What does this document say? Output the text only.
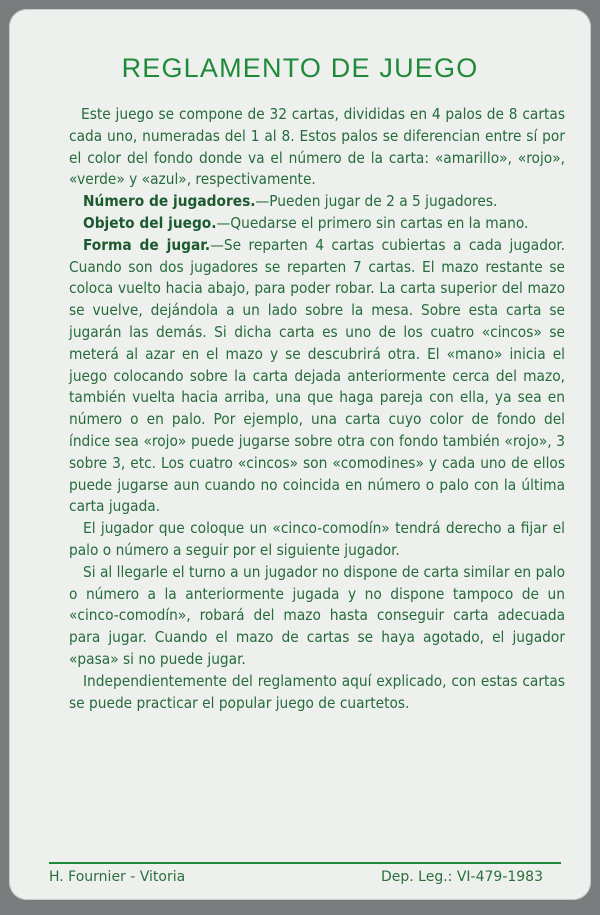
REGLAMENTO DE JUEGO

Este juego se compone de 32 cartas, divididas en 4 palos de 8 cartas cada uno, numeradas del 1 al 8. Estos palos se diferencian entre sí por el color del fondo donde va el número de la carta: «amarillo», «rojo», «verde» y «azul», respectivamente.

Número de jugadores.—Pueden jugar de 2 a 5 jugadores.

Objeto del juego.—Quedarse el primero sin cartas en la mano.

Forma de jugar.—Se reparten 4 cartas cubiertas a cada jugador. Cuando son dos jugadores se reparten 7 cartas. El mazo restante se coloca vuelto hacia abajo, para poder robar. La carta superior del mazo se vuelve, dejándola a un lado sobre la mesa. Sobre esta carta se jugarán las demás. Si dicha carta es uno de los cuatro «cincos» se meterá al azar en el mazo y se descubrirá otra. El «mano» inicia el juego colocando sobre la carta dejada anteriormente cerca del mazo, también vuelta hacia arriba, una que haga pareja con ella, ya sea en número o en palo. Por ejemplo, una carta cuyo color de fondo del índice sea «rojo» puede jugarse sobre otra con fondo también «rojo», 3 sobre 3, etc. Los cuatro «cincos» son «comodines» y cada uno de ellos puede jugarse aun cuando no coincida en número o palo con la última carta jugada.

El jugador que coloque un «cinco-comodín» tendrá derecho a fijar el palo o número a seguir por el siguiente jugador.

Si al llegarle el turno a un jugador no dispone de carta similar en palo o número a la anteriormente jugada y no dispone tampoco de un «cinco-comodín», robará del mazo hasta conseguir carta adecuada para jugar. Cuando el mazo de cartas se haya agotado, el jugador «pasa» si no puede jugar.

Independientemente del reglamento aquí explicado, con estas cartas se puede practicar el popular juego de cuartetos.

H. Fournier - Vitoria	Dep. Leg.: VI-479-1983
